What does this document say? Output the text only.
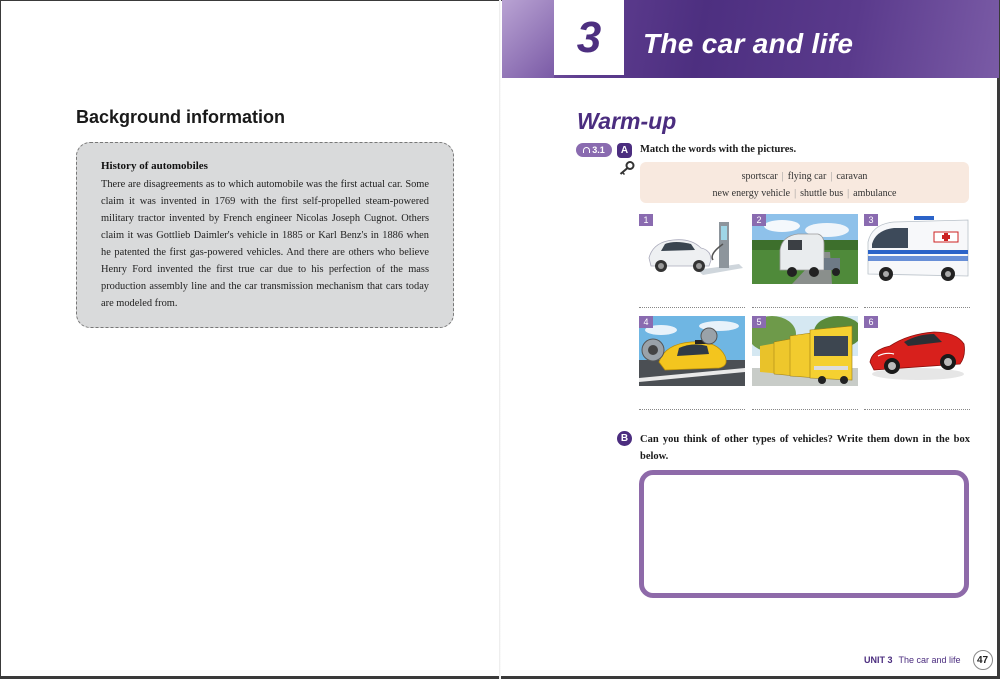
Background information
History of automobiles
There are disagreements as to which automobile was the first actual car. Some claim it was invented in 1769 with the first self-propelled steam-powered military tractor invented by French engineer Nicolas Joseph Cugnot. Others claim it was Gottlieb Daimler's vehicle in 1885 or Karl Benz's in 1886 when he patented the first gas-powered vehicles. And there are others who believe Henry Ford invented the first true car due to his perfection of the mass production assembly line and the car transmission mechanism that cars today are modeled from.
3 The car and life
Warm-up
3.1	A	Match the words with the pictures.
sportscar | flying car | caravan
new energy vehicle | shuttle bus | ambulance
1	2	3
4	5	6
B	Can you think of other types of vehicles? Write them down in the box below.
UNIT 3 The car and life	47
